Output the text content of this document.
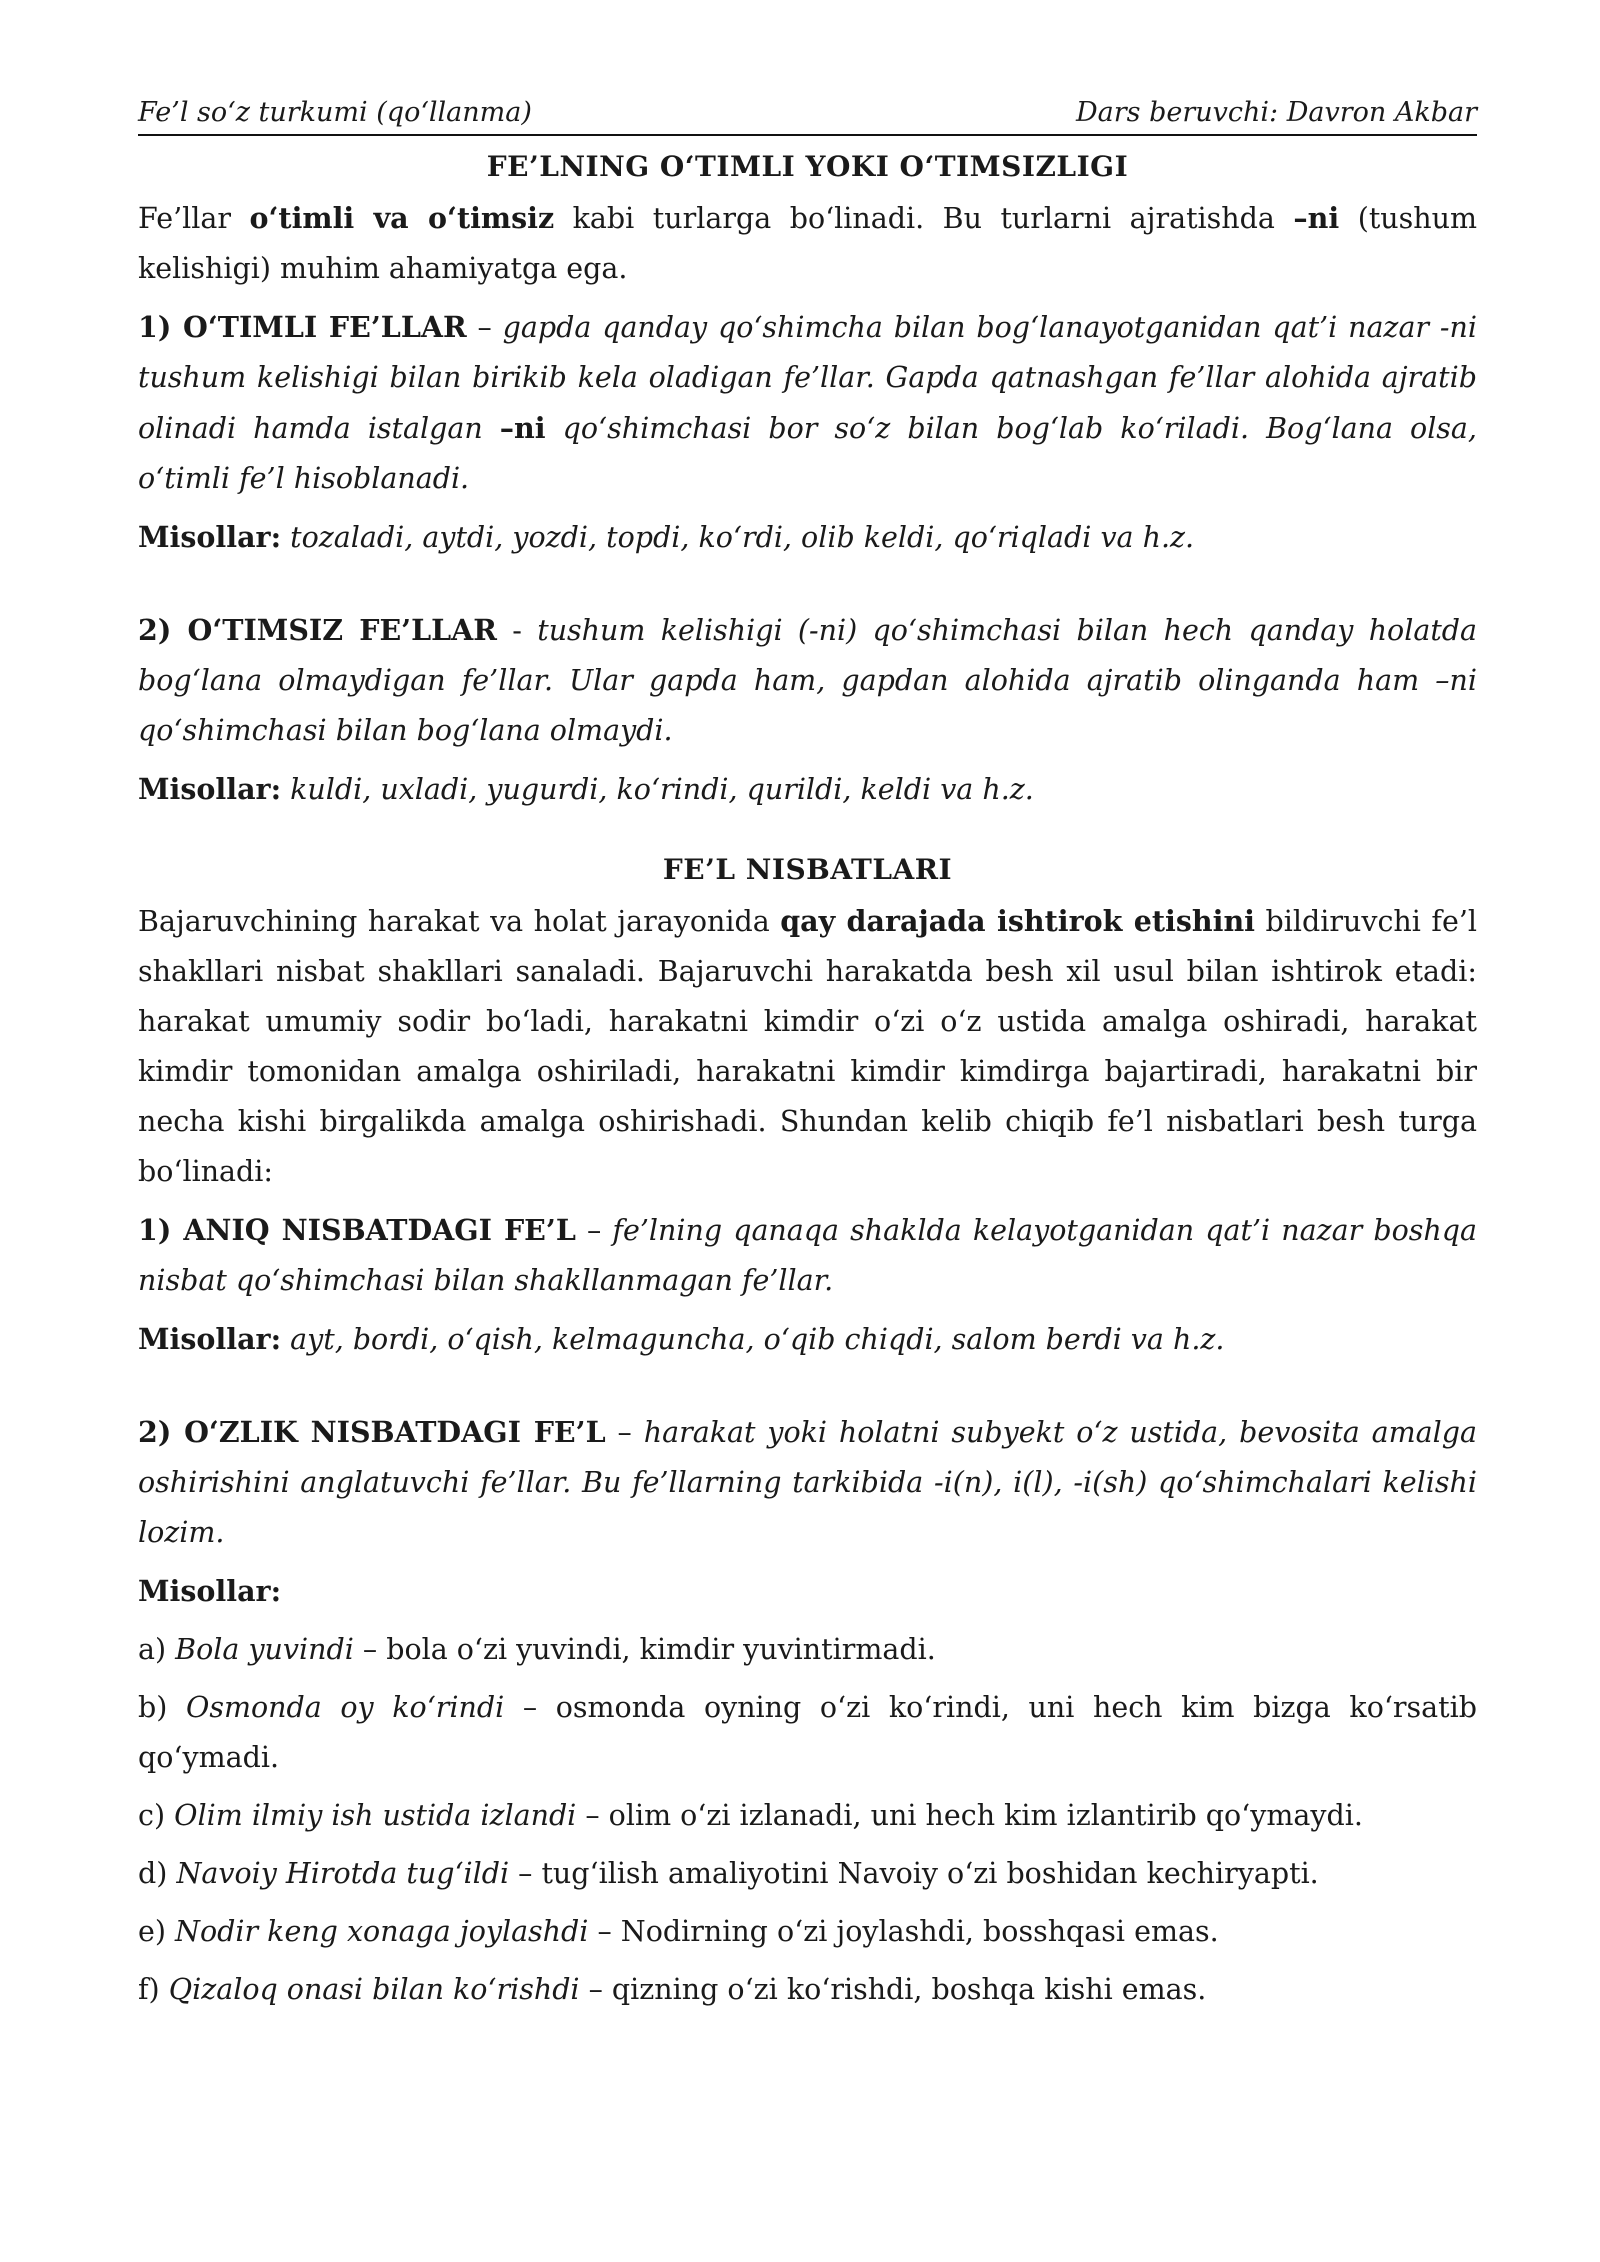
Fe’l so‘z turkumi (qo‘llanma)	Dars beruvchi: Davron Akbar
FE’LNING O‘TIMLI YOKI O‘TIMSIZLIGI

Fe’llar o‘timli va o‘timsiz kabi turlarga bo‘linadi. Bu turlarni ajratishda –ni (tushum kelishigi) muhim ahamiyatga ega.

1) O‘TIMLI FE’LLAR – gapda qanday qo‘shimcha bilan bog‘lanayotganidan qat’i nazar -ni tushum kelishigi bilan birikib kela oladigan fe’llar. Gapda qatnashgan fe’llar alohida ajratib olinadi hamda istalgan –ni qo‘shimchasi bor so‘z bilan bog‘lab ko‘riladi. Bog‘lana olsa, o‘timli fe’l hisoblanadi.

Misollar: tozaladi, aytdi, yozdi, topdi, ko‘rdi, olib keldi, qo‘riqladi va h.z.

2) O‘TIMSIZ FE’LLAR - tushum kelishigi (-ni) qo‘shimchasi bilan hech qanday holatda bog‘lana olmaydigan fe’llar. Ular gapda ham, gapdan alohida ajratib olinganda ham –ni qo‘shimchasi bilan bog‘lana olmaydi.

Misollar: kuldi, uxladi, yugurdi, ko‘rindi, qurildi, keldi va h.z.

FE’L NISBATLARI

Bajaruvchining harakat va holat jarayonida qay darajada ishtirok etishini bildiruvchi fe’l shakllari nisbat shakllari sanaladi. Bajaruvchi harakatda besh xil usul bilan ishtirok etadi: harakat umumiy sodir bo‘ladi, harakatni kimdir o‘zi o‘z ustida amalga oshiradi, harakat kimdir tomonidan amalga oshiriladi, harakatni kimdir kimdirga bajartiradi, harakatni bir necha kishi birgalikda amalga oshirishadi. Shundan kelib chiqib fe’l nisbatlari besh turga bo‘linadi:

1) ANIQ NISBATDAGI FE’L – fe’lning qanaqa shaklda kelayotganidan qat’i nazar boshqa nisbat qo‘shimchasi bilan shakllanmagan fe’llar.

Misollar: ayt, bordi, o‘qish, kelmaguncha, o‘qib chiqdi, salom berdi va h.z.

2) O‘ZLIK NISBATDAGI FE’L – harakat yoki holatni subyekt o‘z ustida, bevosita amalga oshirishini anglatuvchi fe’llar. Bu fe’llarning tarkibida -i(n), i(l), -i(sh) qo‘shimchalari kelishi lozim.

Misollar:

a) Bola yuvindi – bola o‘zi yuvindi, kimdir yuvintirmadi.

b) Osmonda oy ko‘rindi – osmonda oyning o‘zi ko‘rindi, uni hech kim bizga ko‘rsatib qo‘ymadi.

c) Olim ilmiy ish ustida izlandi – olim o‘zi izlanadi, uni hech kim izlantirib qo‘ymaydi.

d) Navoiy Hirotda tug‘ildi – tug‘ilish amaliyotini Navoiy o‘zi boshidan kechiryapti.

e) Nodir keng xonaga joylashdi – Nodirning o‘zi joylashdi, bosshqasi emas.

f) Qizaloq onasi bilan ko‘rishdi – qizning o‘zi ko‘rishdi, boshqa kishi emas.
